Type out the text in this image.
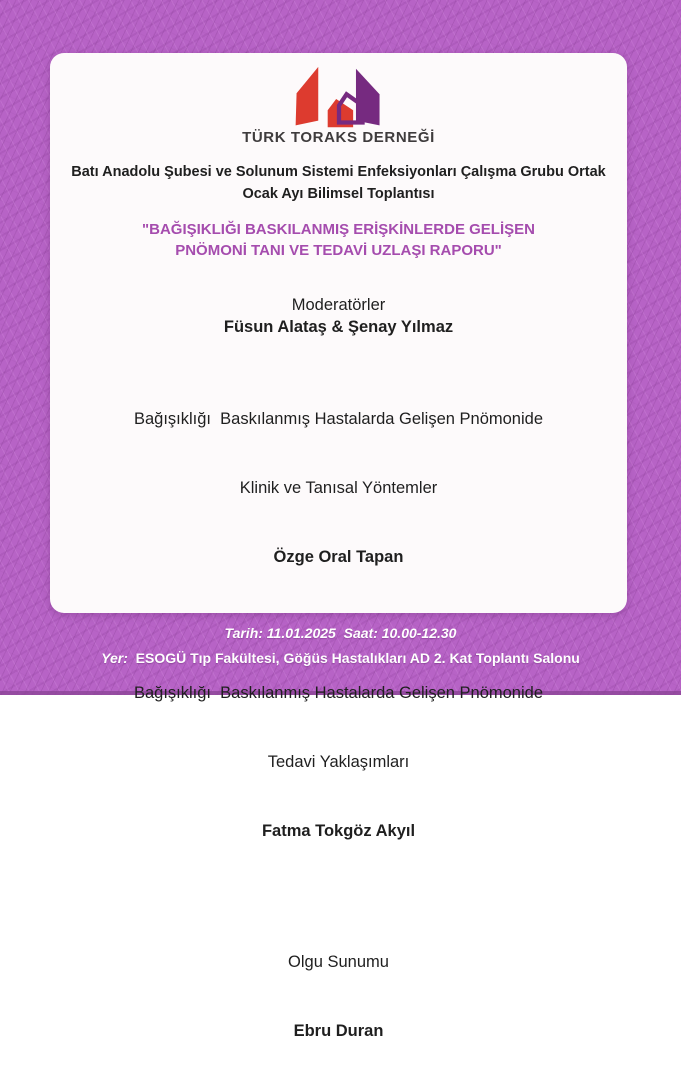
TÜRK TORAKS DERNEĞİ
Batı Anadolu Şubesi ve Solunum Sistemi Enfeksiyonları Çalışma Grubu Ortak
Ocak Ayı Bilimsel Toplantısı
"BAĞIŞIKLIĞI BASKILANMIŞ ERİŞKİNLERDE GELİŞEN
PNÖMONİ TANI VE TEDAVİ UZLAŞI RAPORU"
Moderatörler
Füsun Alataş & Şenay Yılmaz

Bağışıklığı  Baskılanmış Hastalarda Gelişen Pnömonide

Klinik ve Tanısal Yöntemler

Özge Oral Tapan

Bağışıklığı  Baskılanmış Hastalarda Gelişen Pnömonide

Tedavi Yaklaşımları

Fatma Tokgöz Akyıl

Olgu Sunumu

Ebru Duran

Tarih: 11.01.2025 Saat: 10.00-12.30
Yer: ESOGÜ Tıp Fakültesi, Göğüs Hastalıkları AD 2. Kat Toplantı Salonu
